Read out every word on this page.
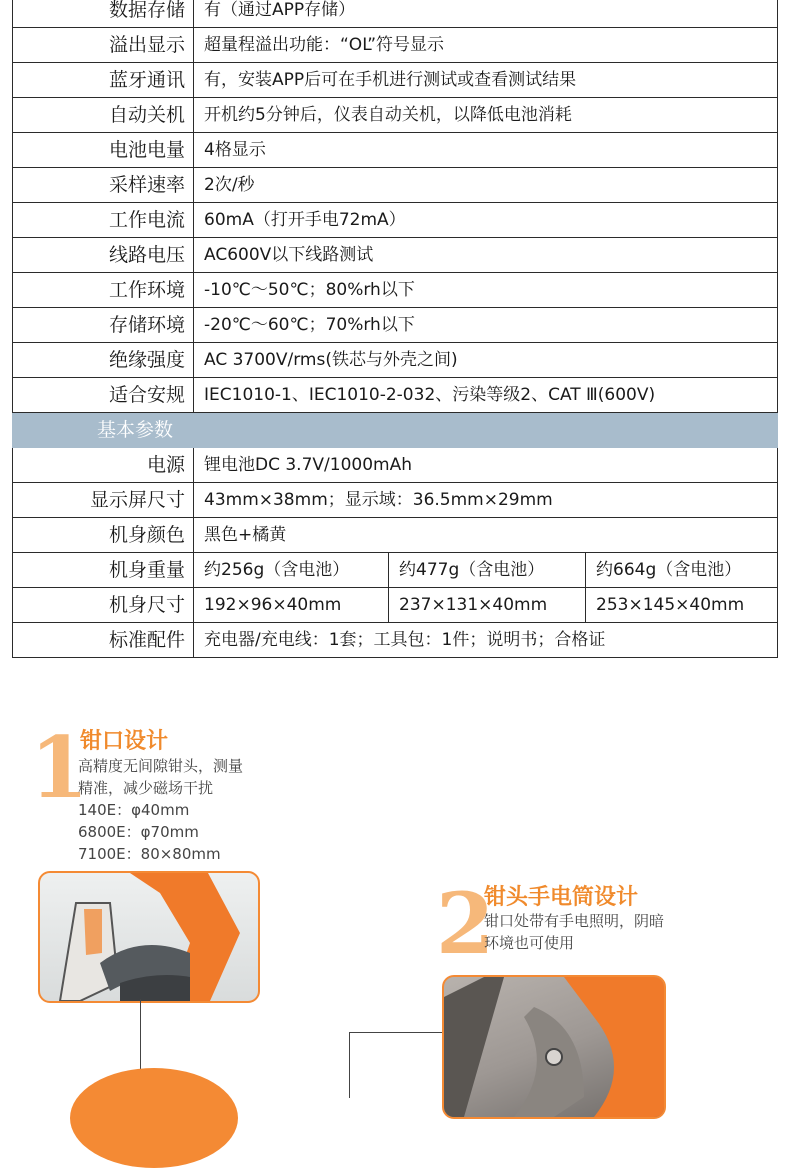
数据存储	有（通过APP存储）		
溢出显示	超量程溢出功能：“OL”符号显示		
蓝牙通讯	有，安装APP后可在手机进行测试或查看测试结果		
自动关机	开机约5分钟后，仪表自动关机，以降低电池消耗		
电池电量	4格显示		
采样速率	2次/秒		
工作电流	60mA（打开手电72mA）		
线路电压	AC600V以下线路测试		
工作环境	-10℃～50℃；80%rh以下		
存储环境	-20℃～60℃；70%rh以下		
绝缘强度	AC 3700V/rms(铁芯与外壳之间)		
适合安规	IEC1010-1、IEC1010-2-032、污染等级2、CAT Ⅲ(600V)		
基本参数			
电源	锂电池DC 3.7V/1000mAh		
显示屏尺寸	43mm×38mm；显示域：36.5mm×29mm		
机身颜色	黑色+橘黄		
机身重量	约256g（含电池）	约477g（含电池）	约664g（含电池）
机身尺寸	192×96×40mm	237×131×40mm	253×145×40mm
标准配件	充电器/充电线：1套；工具包：1件；说明书；合格证		
1
钳口设计
高精度无间隙钳头，测量
精准，减少磁场干扰
140E：φ40mm
6800E：φ70mm
7100E：80×80mm
2
钳头手电筒设计
钳口处带有手电照明，阴暗
环境也可使用
